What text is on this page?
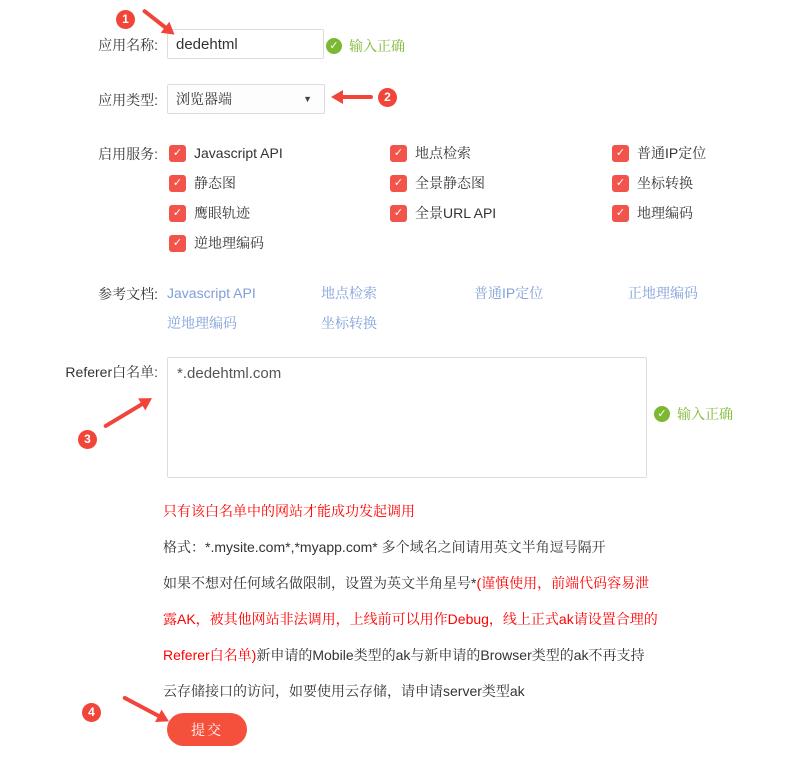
应用名称:
dedehtml	✓ 输入正确
应用类型: 浏览器端	▼
启用服务:	✓ Javascript API	✓ 地点检索	✓ 普通IP定位
✓ 静态图	✓ 全景静态图	✓ 坐标转换
✓ 鹰眼轨迹	✓ 全景URL API	✓ 地理编码
✓ 逆地理编码
参考文档: Javascript API	地点检索	普通IP定位	正地理编码
逆地理编码	坐标转换
Referer白名单:
*.dedehtml.com
✓ 输入正确
只有该白名单中的网站才能成功发起调用
格式：*.mysite.com*,*myapp.com* 多个域名之间请用英文半角逗号隔开
如果不想对任何域名做限制，设置为英文半角星号*(谨慎使用，前端代码容易泄
露AK，被其他网站非法调用，上线前可以用作Debug，线上正式ak请设置合理的
Referer白名单)新申请的Mobile类型的ak与新申请的Browser类型的ak不再支持
云存储接口的访问，如要使用云存储，请申请server类型ak
提交
1
2
3
4
